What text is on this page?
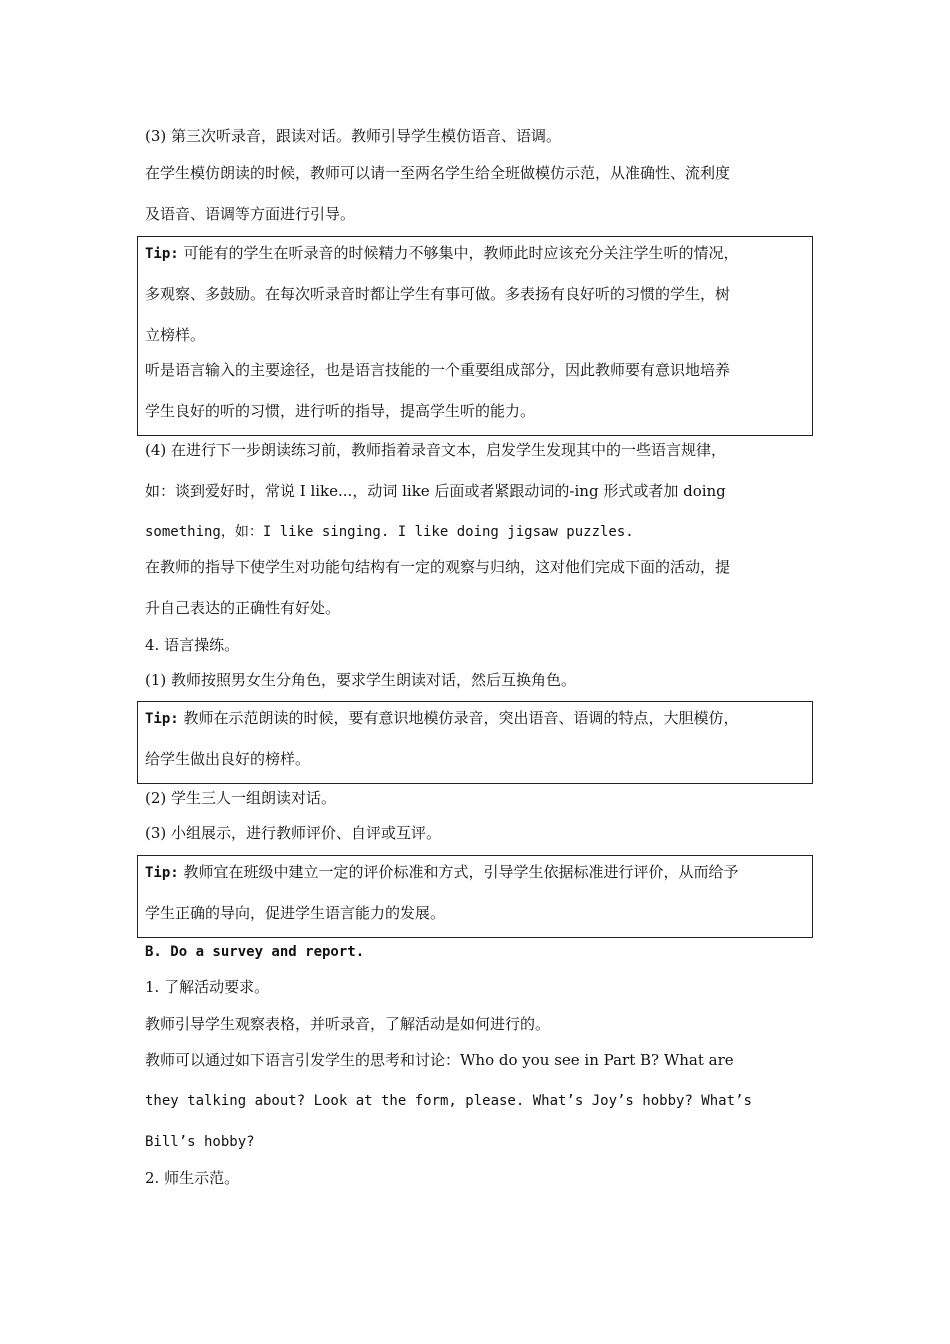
(3) 第三次听录音，跟读对话。教师引导学生模仿语音、语调。
在学生模仿朗读的时候，教师可以请一至两名学生给全班做模仿示范，从准确性、流利度
及语音、语调等方面进行引导。
Tip: 可能有的学生在听录音的时候精力不够集中，教师此时应该充分关注学生听的情况，
多观察、多鼓励。在每次听录音时都让学生有事可做。多表扬有良好听的习惯的学生，树
立榜样。
听是语言输入的主要途径，也是语言技能的一个重要组成部分，因此教师要有意识地培养
学生良好的听的习惯，进行听的指导，提高学生听的能力。
(4) 在进行下一步朗读练习前，教师指着录音文本，启发学生发现其中的一些语言规律，
如：谈到爱好时，常说 I like...，动词 like 后面或者紧跟动词的-ing 形式或者加 doing
something，如：I like singing. I like doing jigsaw puzzles.
在教师的指导下使学生对功能句结构有一定的观察与归纳，这对他们完成下面的活动，提
升自己表达的正确性有好处。
4. 语言操练。
(1) 教师按照男女生分角色，要求学生朗读对话，然后互换角色。
Tip: 教师在示范朗读的时候，要有意识地模仿录音，突出语音、语调的特点，大胆模仿，
给学生做出良好的榜样。
(2) 学生三人一组朗读对话。
(3) 小组展示，进行教师评价、自评或互评。
Tip: 教师宜在班级中建立一定的评价标准和方式，引导学生依据标准进行评价，从而给予
学生正确的导向，促进学生语言能力的发展。
B. Do a survey and report.
1. 了解活动要求。
教师引导学生观察表格，并听录音，了解活动是如何进行的。
教师可以通过如下语言引发学生的思考和讨论：Who do you see in Part B? What are
they talking about? Look at the form, please. What’s Joy’s hobby? What’s
Bill’s hobby?
2. 师生示范。
